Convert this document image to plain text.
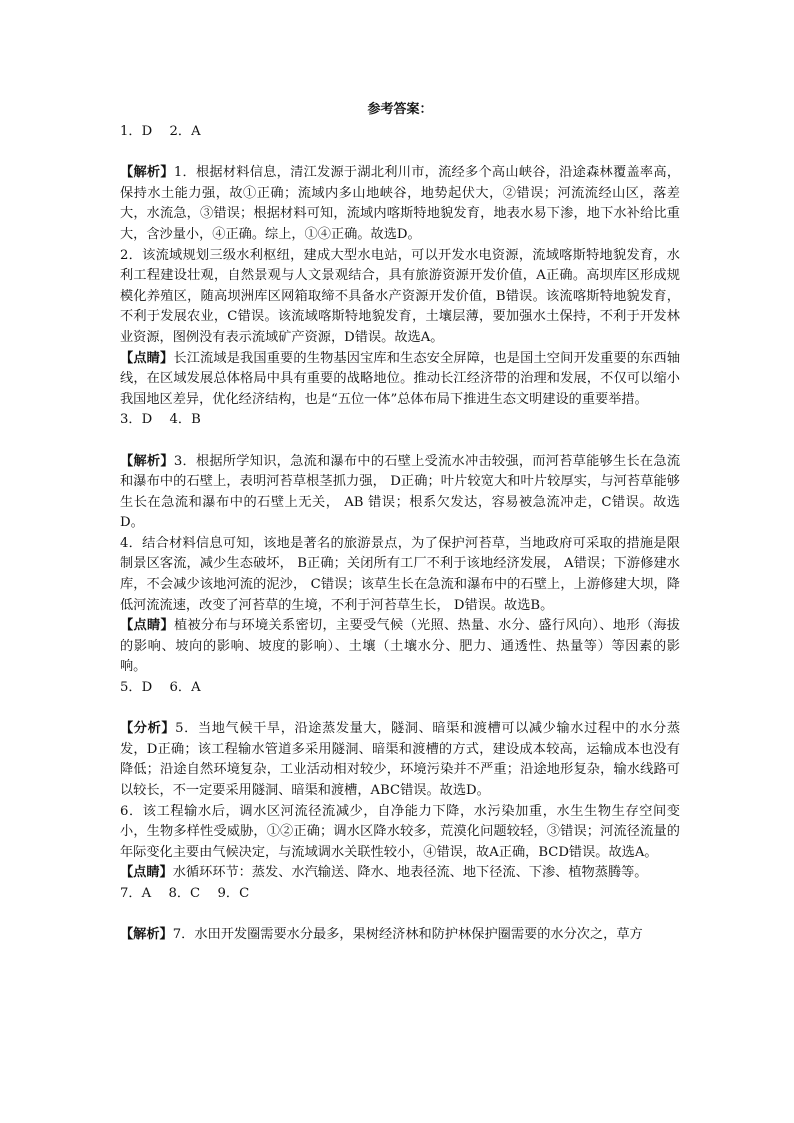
参考答案：

1．D　 2．A

【解析】1．根据材料信息，清江发源于湖北利川市，流经多个高山峡谷，沿途森林覆盖率高，保持水土能力强，故①正确；流域内多山地峡谷，地势起伏大，②错误；河流流经山区，落差大，水流急，③错误；根据材料可知，流域内喀斯特地貌发育，地表水易下渗，地下水补给比重大，含沙量小，④正确。综上，①④正确。故选D。

2．该流域规划三级水利枢纽，建成大型水电站，可以开发水电资源，流域喀斯特地貌发育，水利工程建设壮观，自然景观与人文景观结合，具有旅游资源开发价值，A正确。高坝库区形成规模化养殖区，随高坝洲库区网箱取缔不具备水产资源开发价值，B错误。该流喀斯特地貌发育，不利于发展农业，C错误。该流域喀斯特地貌发育，土壤层薄，要加强水土保持，不利于开发林业资源，图例没有表示流域矿产资源，D错误。故选A。

【点睛】长江流域是我国重要的生物基因宝库和生态安全屏障，也是国土空间开发重要的东西轴线，在区域发展总体格局中具有重要的战略地位。推动长江经济带的治理和发展，不仅可以缩小我国地区差异，优化经济结构，也是“五位一体”总体布局下推进生态文明建设的重要举措。

3．D　 4．B

【解析】3．根据所学知识，急流和瀑布中的石壁上受流水冲击较强，而河苔草能够生长在急流和瀑布中的石壁上，表明河苔草根茎抓力强， D正确；叶片较宽大和叶片较厚实，与河苔草能够生长在急流和瀑布中的石壁上无关， AB 错误；根系欠发达，容易被急流冲走，C错误。故选D。

4．结合材料信息可知，该地是著名的旅游景点，为了保护河苔草，当地政府可采取的措施是限制景区客流，减少生态破坏， B正确；关闭所有工厂不利于该地经济发展， A错误；下游修建水库，不会减少该地河流的泥沙， C错误；该草生长在急流和瀑布中的石壁上，上游修建大坝，降低河流流速，改变了河苔草的生境，不利于河苔草生长， D错误。故选B。

【点睛】植被分布与环境关系密切，主要受气候（光照、热量、水分、盛行风向）、地形（海拔的影响、坡向的影响、坡度的影响）、土壤（土壤水分、肥力、通透性、热量等）等因素的影响。

5．D　 6．A

【分析】5．当地气候干旱，沿途蒸发量大，隧洞、暗渠和渡槽可以减少输水过程中的水分蒸发，D正确；该工程输水管道多采用隧洞、暗渠和渡槽的方式，建设成本较高，运输成本也没有降低；沿途自然环境复杂，工业活动相对较少，环境污染并不严重；沿途地形复杂，输水线路可以较长，不一定要采用隧洞、暗渠和渡槽，ABC错误。故选D。

6．该工程输水后，调水区河流径流减少，自净能力下降，水污染加重，水生生物生存空间变小，生物多样性受威胁，①②正确；调水区降水较多，荒漠化问题较轻，③错误；河流径流量的年际变化主要由气候决定，与流域调水关联性较小，④错误，故A正确，BCD错误。故选A。

【点睛】水循环环节：蒸发、水汽输送、降水、地表径流、地下径流、下渗、植物蒸腾等。

7．A　 8．C　 9．C

【解析】7．水田开发圈需要水分最多，果树经济林和防护林保护圈需要的水分次之，草方
